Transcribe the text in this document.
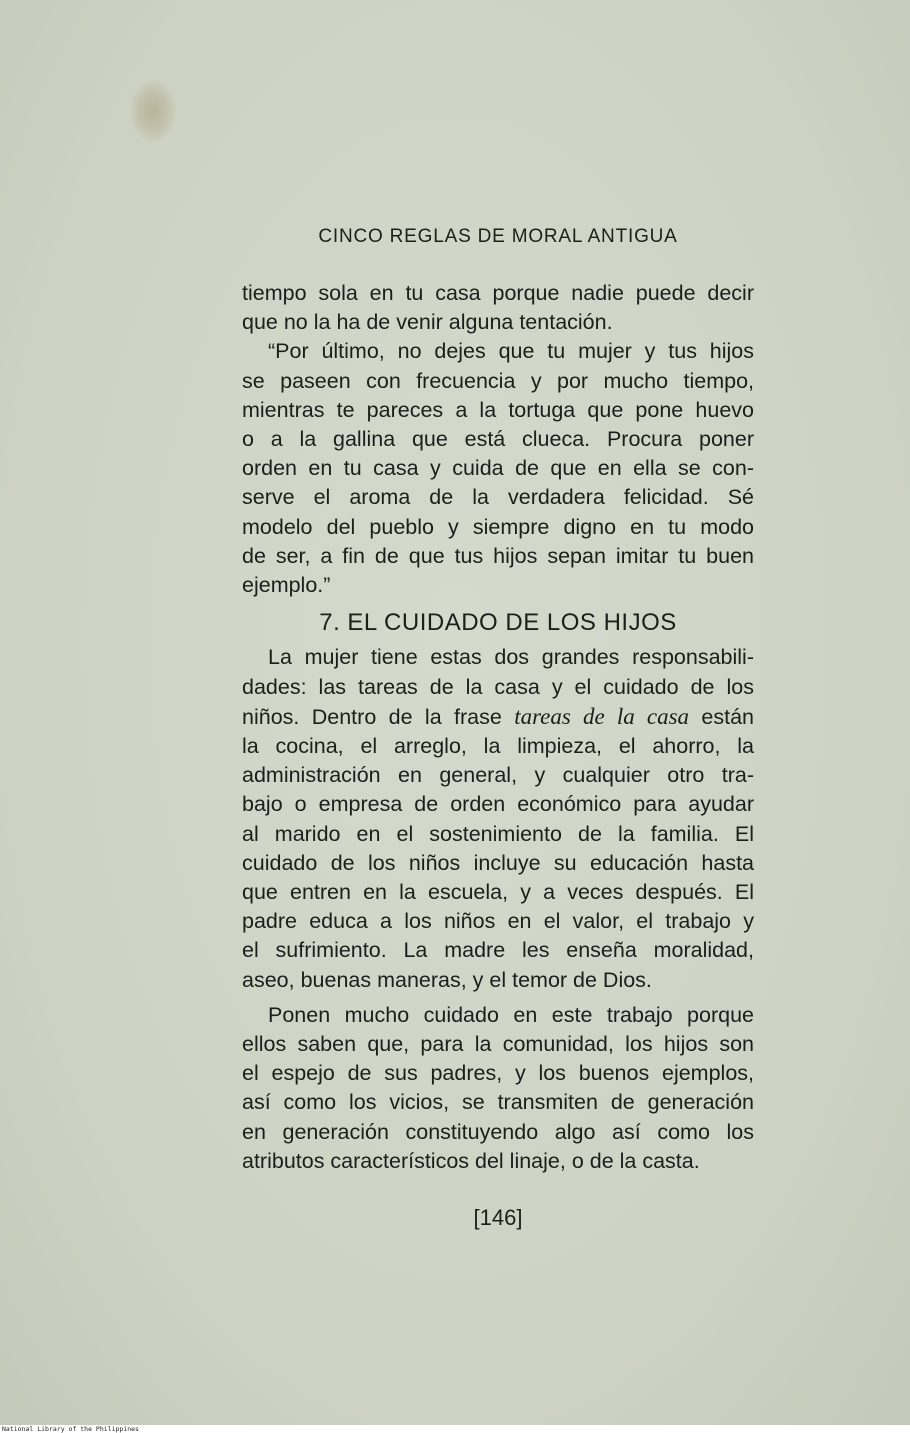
CINCO REGLAS DE MORAL ANTIGUA
tiempo sola en tu casa porque nadie puede decir
que no la ha de venir alguna tentación.
“Por último, no dejes que tu mujer y tus hijos
se paseen con frecuencia y por mucho tiempo,
mientras te pareces a la tortuga que pone huevo
o a la gallina que está clueca. Procura poner
orden en tu casa y cuida de que en ella se con-
serve el aroma de la verdadera felicidad. Sé
modelo del pueblo y siempre digno en tu modo
de ser, a fin de que tus hijos sepan imitar tu buen
ejemplo.”
7. EL CUIDADO DE LOS HIJOS
La mujer tiene estas dos grandes responsabili-
dades: las tareas de la casa y el cuidado de los
niños. Dentro de la frase tareas de la casa están
la cocina, el arreglo, la limpieza, el ahorro, la
administración en general, y cualquier otro tra-
bajo o empresa de orden económico para ayudar
al marido en el sostenimiento de la familia. El
cuidado de los niños incluye su educación hasta
que entren en la escuela, y a veces después. El
padre educa a los niños en el valor, el trabajo y
el sufrimiento. La madre les enseña moralidad,
aseo, buenas maneras, y el temor de Dios.
Ponen mucho cuidado en este trabajo porque
ellos saben que, para la comunidad, los hijos son
el espejo de sus padres, y los buenos ejemplos,
así como los vicios, se transmiten de generación
en generación constituyendo algo así como los
atributos característicos del linaje, o de la casta.
[146]
National Library of the Philippines
